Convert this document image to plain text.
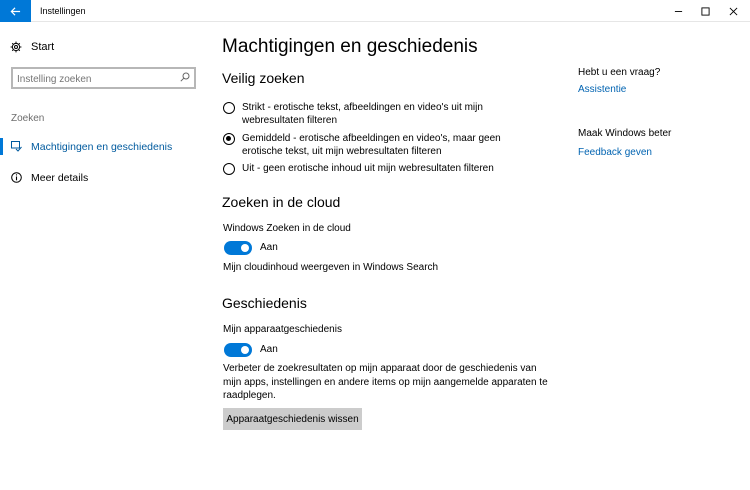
Instellingen
Start
Instelling zoeken
Zoeken
Machtigingen en geschiedenis
Meer details
Machtigingen en geschiedenis
Veilig zoeken
Strikt - erotische tekst, afbeeldingen en video's uit mijn webresultaten filteren
Gemiddeld - erotische afbeeldingen en video's, maar geen erotische tekst, uit mijn webresultaten filteren
Uit - geen erotische inhoud uit mijn webresultaten filteren
Zoeken in de cloud
Windows Zoeken in de cloud
Aan
Mijn cloudinhoud weergeven in Windows Search
Geschiedenis
Mijn apparaatgeschiedenis
Aan
Verbeter de zoekresultaten op mijn apparaat door de geschiedenis van mijn apps, instellingen en andere items op mijn aangemelde apparaten te raadplegen.
Apparaatgeschiedenis wissen
Hebt u een vraag?
Assistentie
Maak Windows beter
Feedback geven
